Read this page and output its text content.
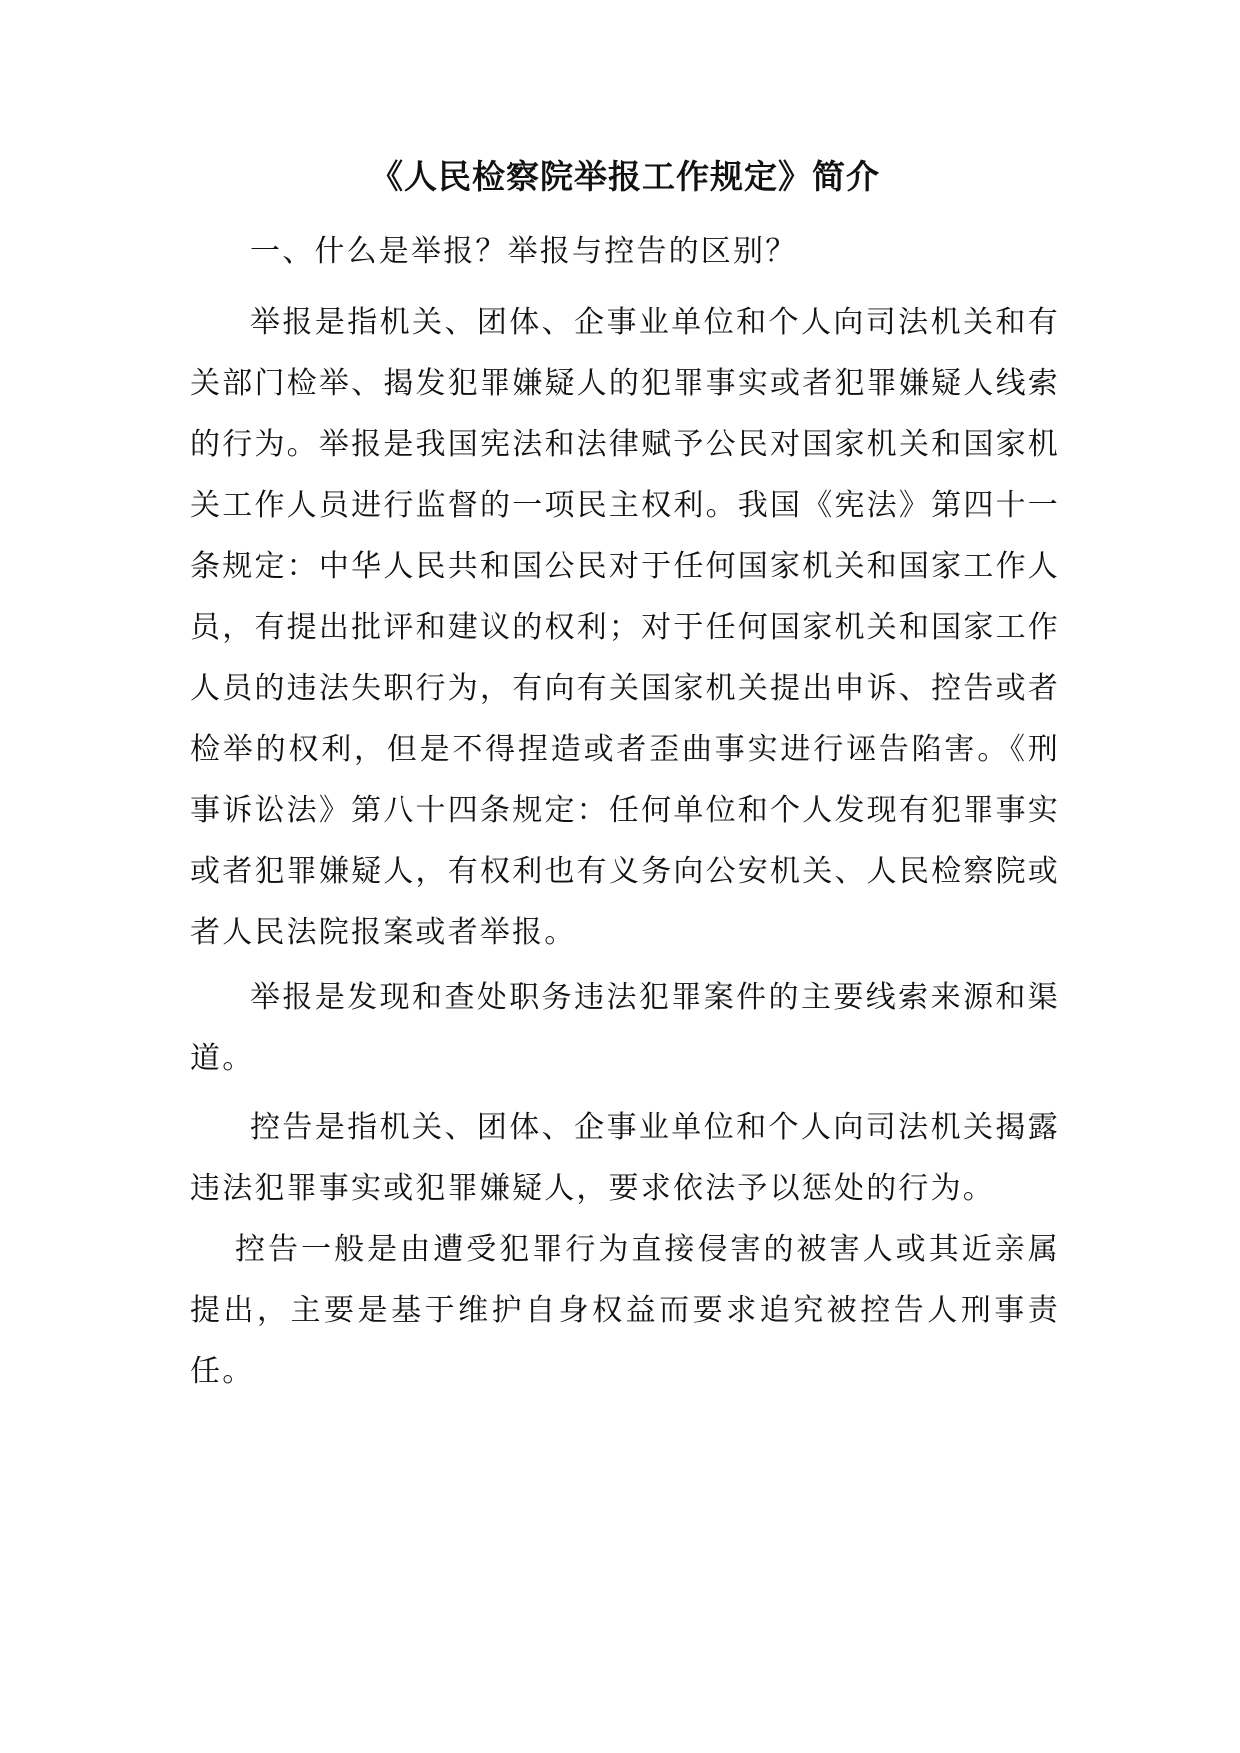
《人民检察院举报工作规定》简介

一、什么是举报？举报与控告的区别？

举报是指机关、团体、企事业单位和个人向司法机关和有关部门检举、揭发犯罪嫌疑人的犯罪事实或者犯罪嫌疑人线索的行为。举报是我国宪法和法律赋予公民对国家机关和国家机关工作人员进行监督的一项民主权利。我国《宪法》第四十一条规定：中华人民共和国公民对于任何国家机关和国家工作人员，有提出批评和建议的权利；对于任何国家机关和国家工作人员的违法失职行为，有向有关国家机关提出申诉、控告或者检举的权利，但是不得捏造或者歪曲事实进行诬告陷害。《刑事诉讼法》第八十四条规定：任何单位和个人发现有犯罪事实或者犯罪嫌疑人，有权利也有义务向公安机关、人民检察院或者人民法院报案或者举报。

举报是发现和查处职务违法犯罪案件的主要线索来源和渠道。

控告是指机关、团体、企事业单位和个人向司法机关揭露违法犯罪事实或犯罪嫌疑人，要求依法予以惩处的行为。

控告一般是由遭受犯罪行为直接侵害的被害人或其近亲属提出，主要是基于维护自身权益而要求追究被控告人刑事责任。
